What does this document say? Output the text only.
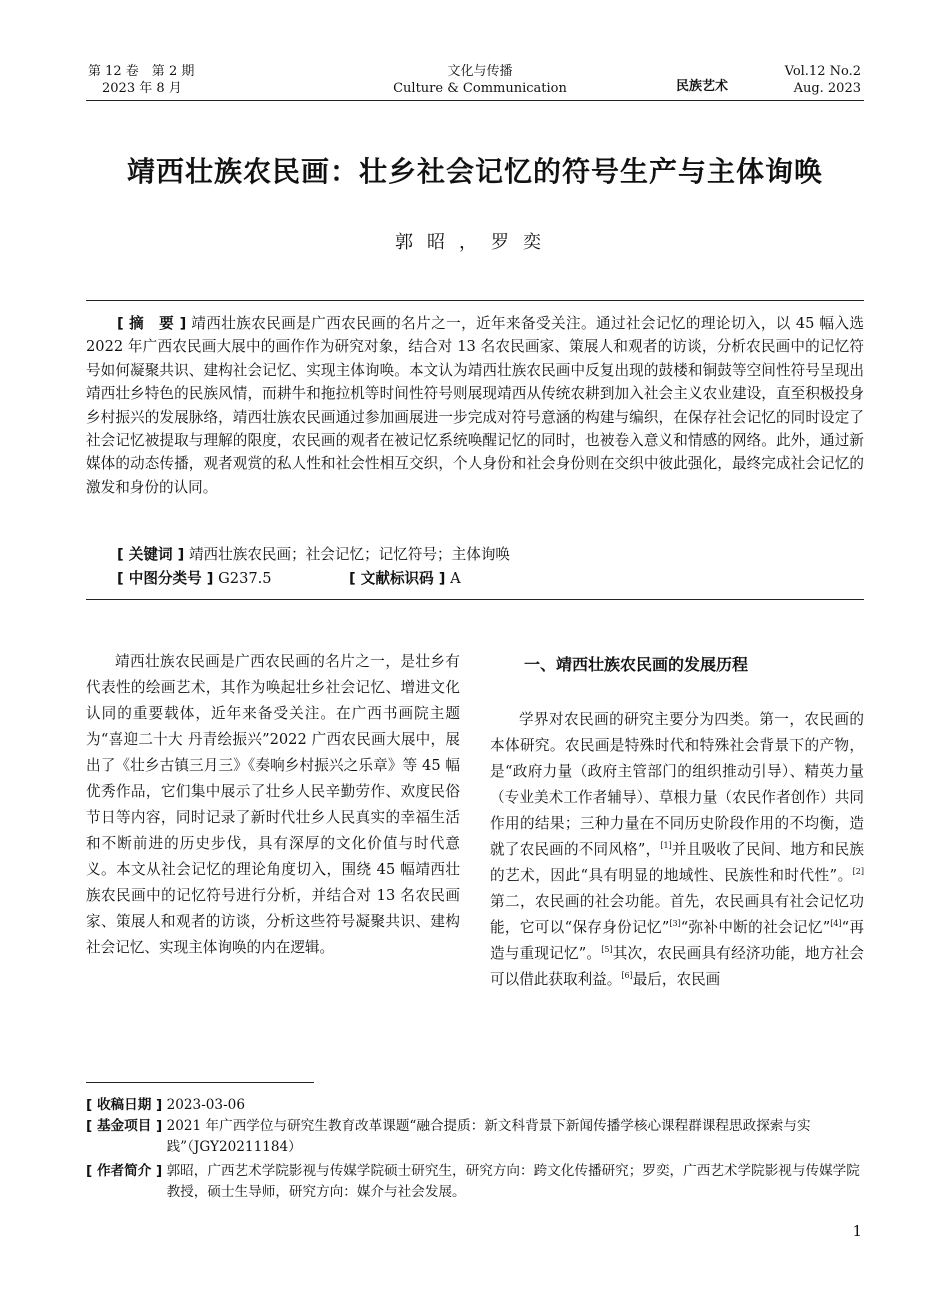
第 12 卷　第 2 期
2023 年 8 月
文化与传播
Culture & Communication	民族艺术
Vol.12 No.2
Aug. 2023
靖西壮族农民画：壮乡社会记忆的符号生产与主体询唤
郭昭，罗奕

[ 摘　要 ] 靖西壮族农民画是广西农民画的名片之一，近年来备受关注。通过社会记忆的理论切入，以 45 幅入选 2022 年广西农民画大展中的画作作为研究对象，结合对 13 名农民画家、策展人和观者的访谈，分析农民画中的记忆符号如何凝聚共识、建构社会记忆、实现主体询唤。本文认为靖西壮族农民画中反复出现的鼓楼和铜鼓等空间性符号呈现出靖西壮乡特色的民族风情，而耕牛和拖拉机等时间性符号则展现靖西从传统农耕到加入社会主义农业建设，直至积极投身乡村振兴的发展脉络，靖西壮族农民画通过参加画展进一步完成对符号意涵的构建与编织，在保存社会记忆的同时设定了社会记忆被提取与理解的限度，农民画的观者在被记忆系统唤醒记忆的同时，也被卷入意义和情感的网络。此外，通过新媒体的动态传播，观者观赏的私人性和社会性相互交织，个人身份和社会身份则在交织中彼此强化，最终完成社会记忆的激发和身份的认同。

[ 关键词 ] 靖西壮族农民画；社会记忆；记忆符号；主体询唤
[ 中图分类号 ] G237.5	[ 文献标识码 ] A

靖西壮族农民画是广西农民画的名片之一，是壮乡有代表性的绘画艺术，其作为唤起壮乡社会记忆、增进文化认同的重要载体，近年来备受关注。在广西书画院主题为“喜迎二十大 丹青绘振兴”2022 广西农民画大展中，展出了《壮乡古镇三月三》《奏响乡村振兴之乐章》等 45 幅优秀作品，它们集中展示了壮乡人民辛勤劳作、欢度民俗节日等内容，同时记录了新时代壮乡人民真实的幸福生活和不断前进的历史步伐，具有深厚的文化价值与时代意义。本文从社会记忆的理论角度切入，围绕 45 幅靖西壮族农民画中的记忆符号进行分析，并结合对 13 名农民画家、策展人和观者的访谈，分析这些符号凝聚共识、建构社会记忆、实现主体询唤的内在逻辑。

一、靖西壮族农民画的发展历程

学界对农民画的研究主要分为四类。第一，农民画的本体研究。农民画是特殊时代和特殊社会背景下的产物，是“政府力量（政府主管部门的组织推动引导）、精英力量（专业美术工作者辅导）、草根力量（农民作者创作）共同作用的结果；三种力量在不同历史阶段作用的不均衡，造就了农民画的不同风格”，[1]并且吸收了民间、地方和民族的艺术，因此“具有明显的地域性、民族性和时代性”。[2]第二，农民画的社会功能。首先，农民画具有社会记忆功能，它可以“保存身份记忆”[3]“弥补中断的社会记忆”[4]“再造与重现记忆”。[5]其次，农民画具有经济功能，地方社会可以借此获取利益。[6]最后，农民画

[ 收稿日期 ]
2023-03-06
[ 基金项目 ]
2021 年广西学位与研究生教育改革课题“融合提质：新文科背景下新闻传播学核心课程群课程思政探索与实践”（JGY20211184）
[ 作者简介 ]
郭昭，广西艺术学院影视与传媒学院硕士研究生，研究方向：跨文化传播研究；罗奕，广西艺术学院影视与传媒学院教授，硕士生导师，研究方向：媒介与社会发展。
1
